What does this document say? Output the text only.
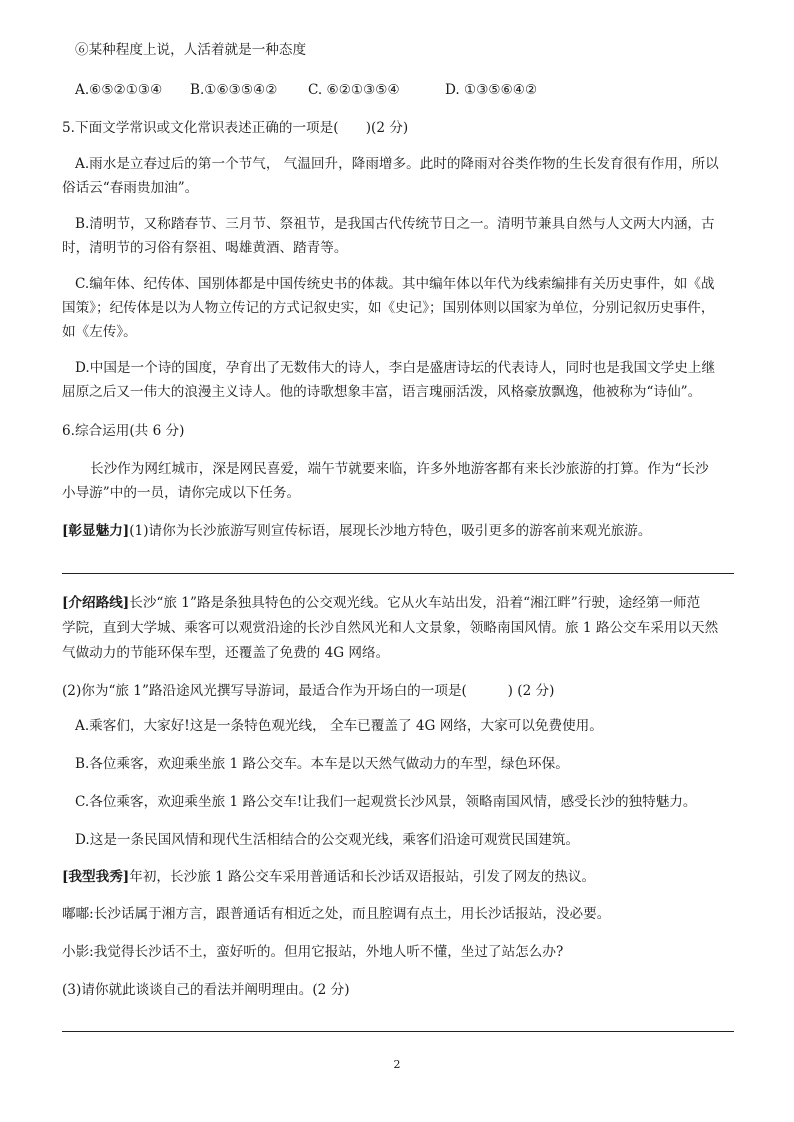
⑥某种程度上说，人活着就是一种态度
A.⑥⑤②①③④ B.①⑥③⑤④② C. ⑥②①③⑤④	D. ①③⑤⑥④②
5.下面文学常识或文化常识表述正确的一项是(　　)(2 分)
A.雨水是立春过后的第一个节气， 气温回升，降雨增多。此时的降雨对谷类作物的生长发育很有作用，所以
俗话云“春雨贵加油”。
B.清明节，又称踏春节、三月节、祭祖节，是我国古代传统节日之一。清明节兼具自然与人文两大内涵，古
时，清明节的习俗有祭祖、喝雄黄酒、踏青等。
C.编年体、纪传体、国别体都是中国传统史书的体裁。其中编年体以年代为线索编排有关历史事件，如《战
国策》；纪传体是以为人物立传记的方式记叙史实，如《史记》；国别体则以国家为单位，分别记叙历史事件，
如《左传》。
D.中国是一个诗的国度，孕育出了无数伟大的诗人，李白是盛唐诗坛的代表诗人，同时也是我国文学史上继
屈原之后又一伟大的浪漫主义诗人。他的诗歌想象丰富，语言瑰丽活泼，风格豪放飘逸，他被称为“诗仙”。
6.综合运用(共 6 分)
长沙作为网红城市，深是网民喜爱，端午节就要来临，许多外地游客都有来长沙旅游的打算。作为“长沙
小导游”中的一员，请你完成以下任务。
[彰显魅力](1)请你为长沙旅游写则宣传标语，展现长沙地方特色，吸引更多的游客前来观光旅游。
[介绍路线]长沙“旅 1”路是条独具特色的公交观光线。它从火车站出发，沿着“湘江畔”行驶，途经第一师范
学院，直到大学城、乘客可以观赏沿途的长沙自然风光和人文景象，领略南国风情。旅 1 路公交车采用以天然
气做动力的节能环保车型，还覆盖了免费的 4G 网络。
(2)你为“旅 1”路沿途风光撰写导游词，最适合作为开场白的一项是(　　　) (2 分)
A.乘客们，大家好!这是一条特色观光线， 全车已覆盖了 4G 网络，大家可以免费使用。
B.各位乘客，欢迎乘坐旅 1 路公交车。本车是以天然气做动力的车型，绿色环保。
C.各位乘客，欢迎乘坐旅 1 路公交车!让我们一起观赏长沙风景，领略南国风情，感受长沙的独特魅力。
D.这是一条民国风情和现代生活相结合的公交观光线，乘客们沿途可观赏民国建筑。
[我型我秀]年初，长沙旅 1 路公交车采用普通话和长沙话双语报站，引发了网友的热议。
嘟嘟:长沙话属于湘方言，跟普通话有相近之处，而且腔调有点土，用长沙话报站，没必要。
小影:我觉得长沙话不土，蛮好听的。但用它报站，外地人听不懂，坐过了站怎么办?
(3)请你就此谈谈自己的看法并阐明理由。(2 分)
2
